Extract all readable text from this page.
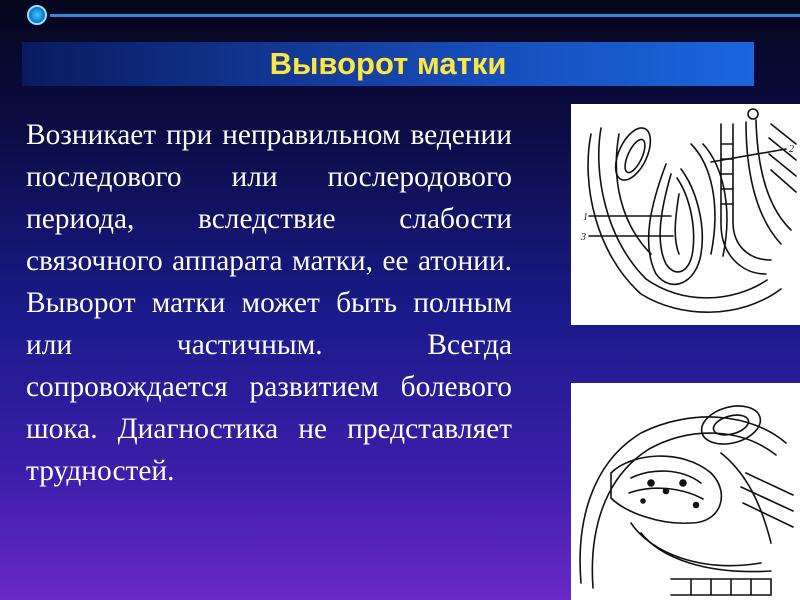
Выворот матки

Возникает при неправильном ведении последового или послеродового периода, вследствие слабости связочного аппарата матки, ее атонии. Выворот матки может быть полным или частичным. Всегда сопровождается развитием болевого шока. Диагностика не представляет трудностей.

1
2
3
